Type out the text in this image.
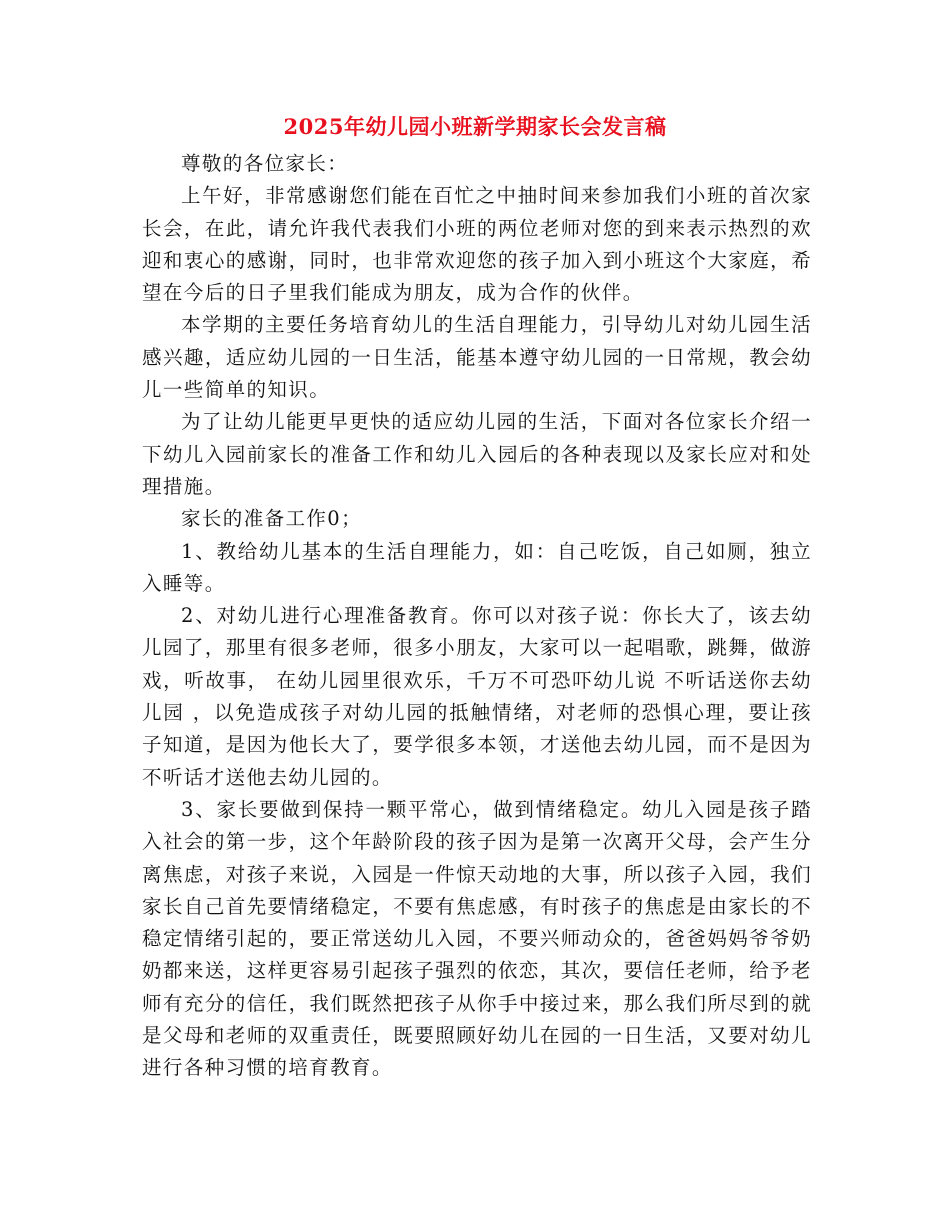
2025年幼儿园小班新学期家长会发言稿

尊敬的各位家长：

上午好，非常感谢您们能在百忙之中抽时间来参加我们小班的首次家长会，在此，请允许我代表我们小班的两位老师对您的到来表示热烈的欢迎和衷心的感谢，同时，也非常欢迎您的孩子加入到小班这个大家庭，希望在今后的日子里我们能成为朋友，成为合作的伙伴。

本学期的主要任务培育幼儿的生活自理能力，引导幼儿对幼儿园生活感兴趣，适应幼儿园的一日生活，能基本遵守幼儿园的一日常规，教会幼儿一些简单的知识。

为了让幼儿能更早更快的适应幼儿园的生活，下面对各位家长介绍一下幼儿入园前家长的准备工作和幼儿入园后的各种表现以及家长应对和处理措施。

家长的准备工作0；

1、教给幼儿基本的生活自理能力，如：自己吃饭，自己如厕，独立入睡等。

2、对幼儿进行心理准备教育。你可以对孩子说：你长大了，该去幼儿园了，那里有很多老师，很多小朋友，大家可以一起唱歌，跳舞，做游戏，听故事， 在幼儿园里很欢乐，千万不可恐吓幼儿说 不听话送你去幼儿园 ，以免造成孩子对幼儿园的抵触情绪，对老师的恐惧心理，要让孩子知道，是因为他长大了，要学很多本领，才送他去幼儿园，而不是因为不听话才送他去幼儿园的。

3、家长要做到保持一颗平常心，做到情绪稳定。幼儿入园是孩子踏入社会的第一步，这个年龄阶段的孩子因为是第一次离开父母，会产生分离焦虑，对孩子来说，入园是一件惊天动地的大事，所以孩子入园，我们家长自己首先要情绪稳定，不要有焦虑感，有时孩子的焦虑是由家长的不稳定情绪引起的，要正常送幼儿入园，不要兴师动众的，爸爸妈妈爷爷奶奶都来送，这样更容易引起孩子强烈的依恋，其次，要信任老师，给予老师有充分的信任，我们既然把孩子从你手中接过来，那么我们所尽到的就是父母和老师的双重责任，既要照顾好幼儿在园的一日生活，又要对幼儿进行各种习惯的培育教育。
